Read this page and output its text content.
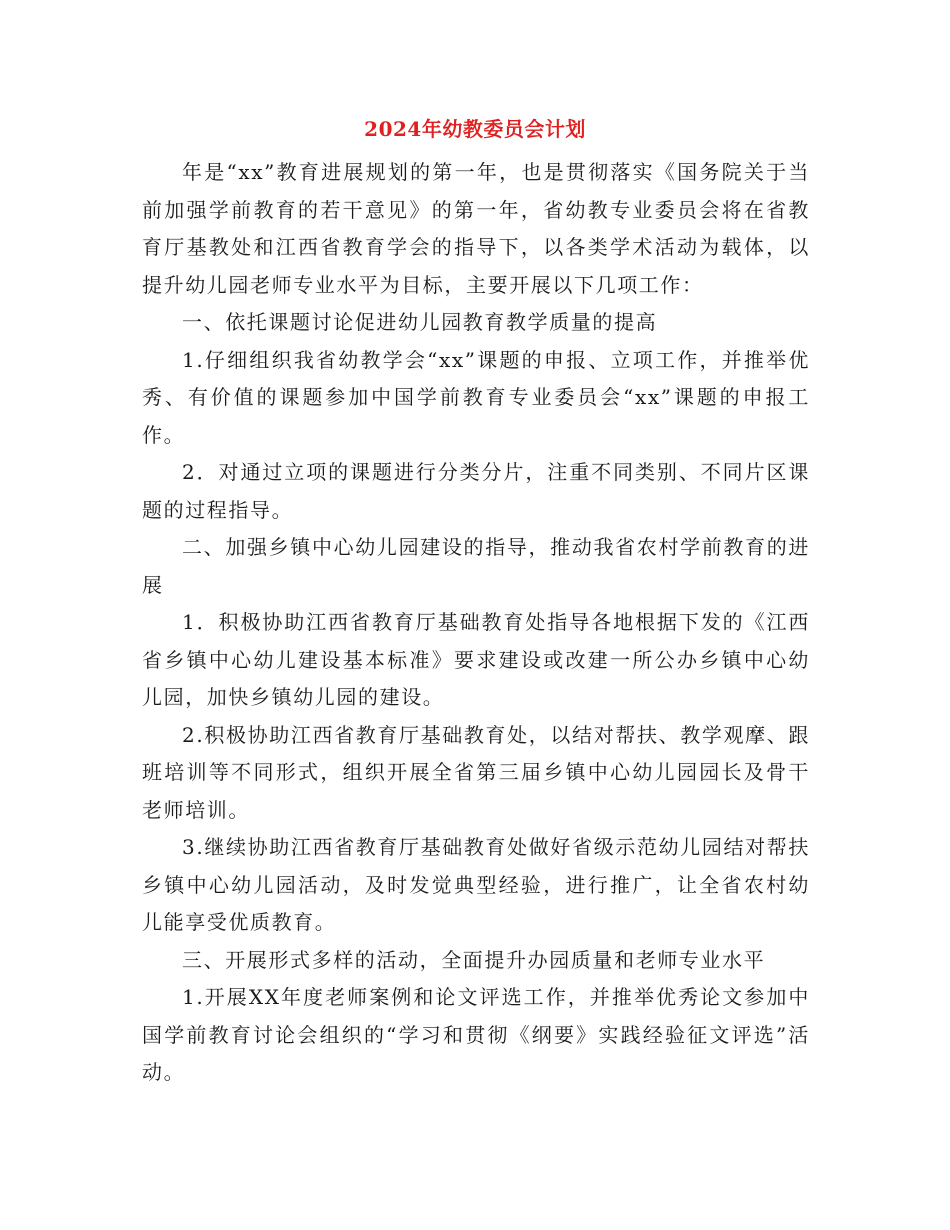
2024年幼教委员会计划

年是“xx”教育进展规划的第一年，也是贯彻落实《国务院关于当前加强学前教育的若干意见》的第一年，省幼教专业委员会将在省教育厅基教处和江西省教育学会的指导下，以各类学术活动为载体，以提升幼儿园老师专业水平为目标，主要开展以下几项工作：

一、依托课题讨论促进幼儿园教育教学质量的提高

1.仔细组织我省幼教学会“xx”课题的申报、立项工作，并推举优秀、有价值的课题参加中国学前教育专业委员会“xx”课题的申报工作。

2．对通过立项的课题进行分类分片，注重不同类别、不同片区课题的过程指导。

二、加强乡镇中心幼儿园建设的指导，推动我省农村学前教育的进展

1．积极协助江西省教育厅基础教育处指导各地根据下发的《江西省乡镇中心幼儿建设基本标准》要求建设或改建一所公办乡镇中心幼儿园，加快乡镇幼儿园的建设。

2.积极协助江西省教育厅基础教育处，以结对帮扶、教学观摩、跟班培训等不同形式，组织开展全省第三届乡镇中心幼儿园园长及骨干老师培训。

3.继续协助江西省教育厅基础教育处做好省级示范幼儿园结对帮扶乡镇中心幼儿园活动，及时发觉典型经验，进行推广，让全省农村幼儿能享受优质教育。

三、开展形式多样的活动，全面提升办园质量和老师专业水平

1.开展XX年度老师案例和论文评选工作，并推举优秀论文参加中国学前教育讨论会组织的“学习和贯彻《纲要》实践经验征文评选”活动。
